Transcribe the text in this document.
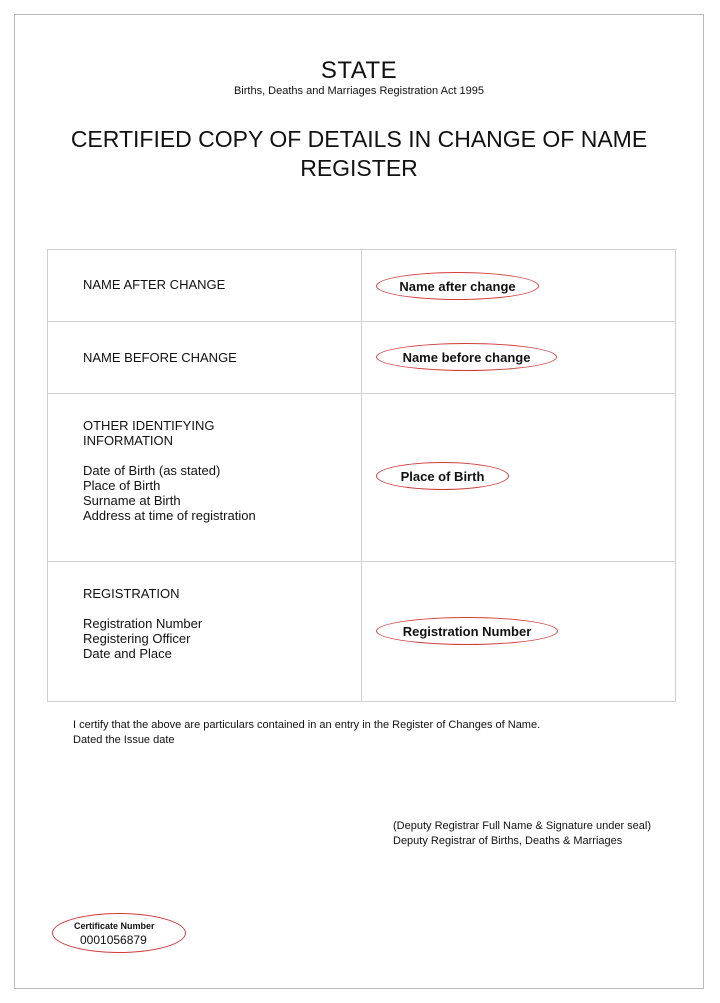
STATE
Births, Deaths and Marriages Registration Act 1995
CERTIFIED COPY OF DETAILS IN CHANGE OF NAME REGISTER
NAME AFTER CHANGE	Name after change
NAME BEFORE CHANGE	Name before change
OTHER IDENTIFYING
INFORMATION
Date of Birth (as stated)
Place of Birth
Surname at Birth
Address at time of registration
Place of Birth
REGISTRATION
Registration Number
Registering Officer
Date and Place
Registration Number
I certify that the above are particulars contained in an entry in the Register of Changes of Name.
Dated the Issue date
(Deputy Registrar Full Name & Signature under seal)
Deputy Registrar of Births, Deaths & Marriages
Certificate Number
0001056879
